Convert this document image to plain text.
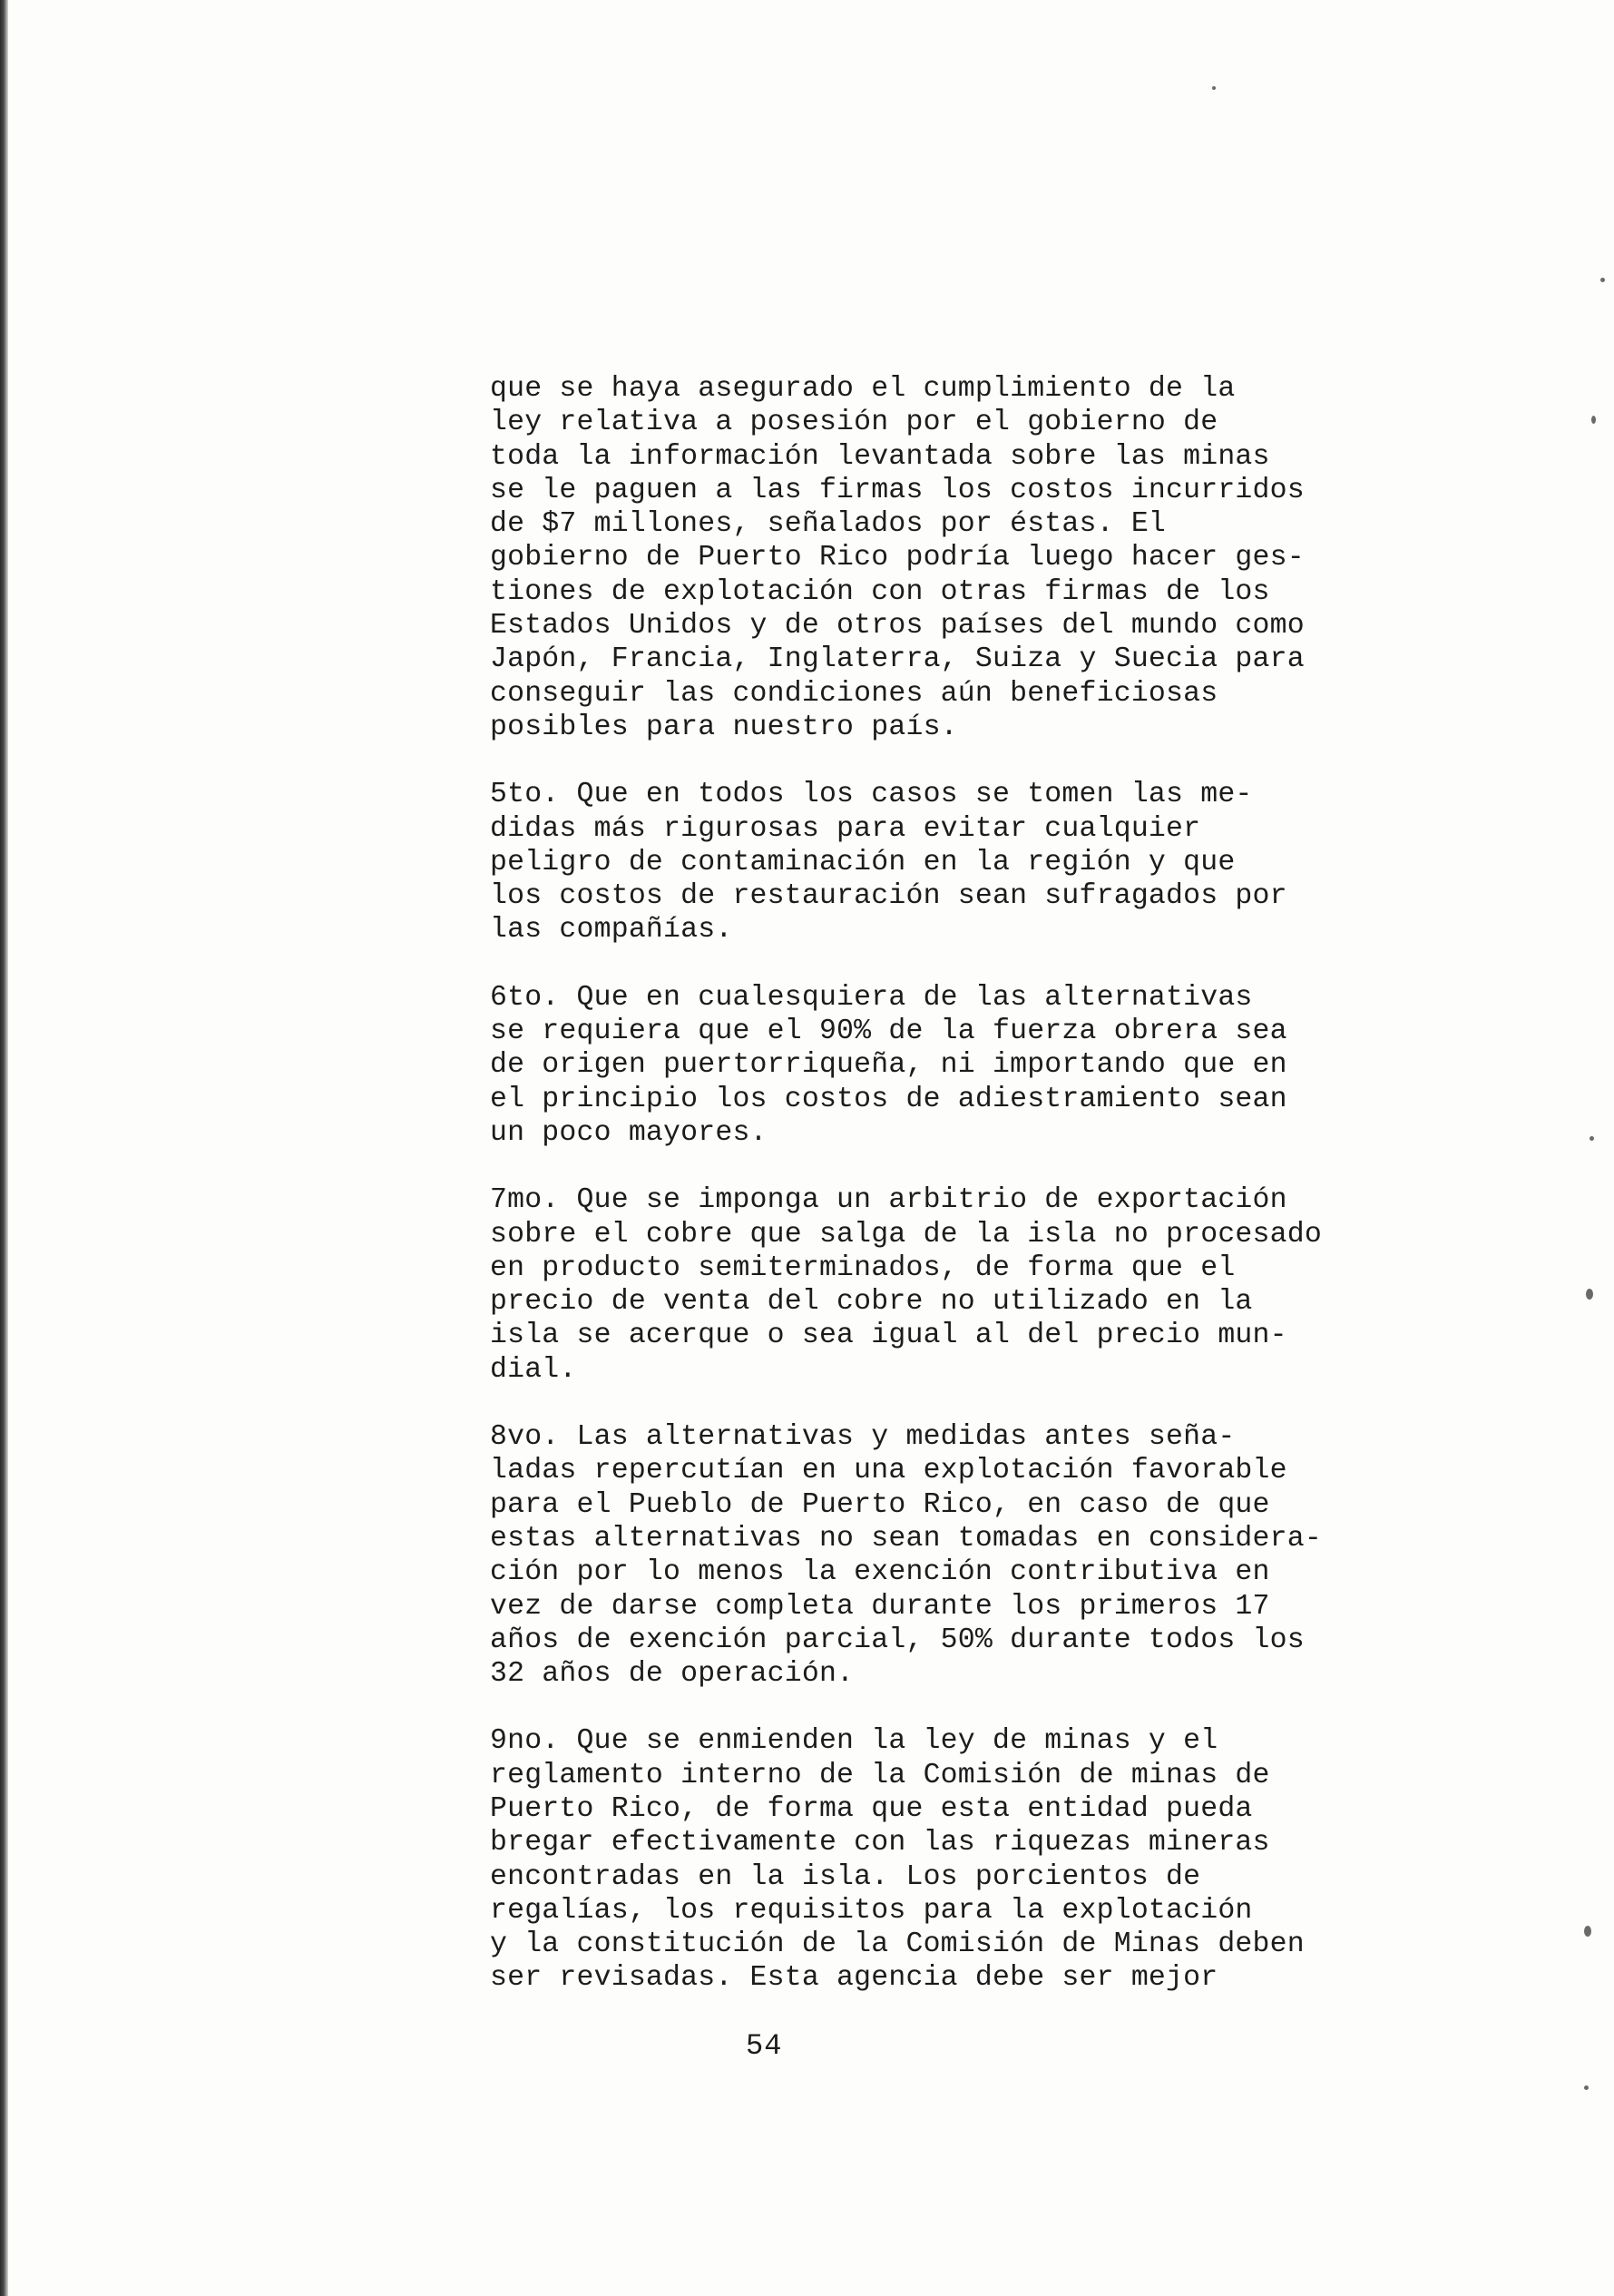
que se haya asegurado el cumplimiento de la
ley relativa a posesión por el gobierno de
toda la información levantada sobre las minas
se le paguen a las firmas los costos incurridos
de $7 millones, señalados por éstas. El
gobierno de Puerto Rico podría luego hacer ges-
tiones de explotación con otras firmas de los
Estados Unidos y de otros países del mundo como
Japón, Francia, Inglaterra, Suiza y Suecia para
conseguir las condiciones aún beneficiosas
posibles para nuestro país.
5to. Que en todos los casos se tomen las me-
didas más rigurosas para evitar cualquier
peligro de contaminación en la región y que
los costos de restauración sean sufragados por
las compañías.
6to. Que en cualesquiera de las alternativas
se requiera que el 90% de la fuerza obrera sea
de origen puertorriqueña, ni importando que en
el principio los costos de adiestramiento sean
un poco mayores.
7mo. Que se imponga un arbitrio de exportación
sobre el cobre que salga de la isla no procesado
en producto semiterminados, de forma que el
precio de venta del cobre no utilizado en la
isla se acerque o sea igual al del precio mun-
dial.
8vo. Las alternativas y medidas antes seña-
ladas repercutían en una explotación favorable
para el Pueblo de Puerto Rico, en caso de que
estas alternativas no sean tomadas en considera-
ción por lo menos la exención contributiva en
vez de darse completa durante los primeros 17
años de exención parcial, 50% durante todos los
32 años de operación.
9no. Que se enmienden la ley de minas y el
reglamento interno de la Comisión de minas de
Puerto Rico, de forma que esta entidad pueda
bregar efectivamente con las riquezas mineras
encontradas en la isla. Los porcientos de
regalías, los requisitos para la explotación
y la constitución de la Comisión de Minas deben
ser revisadas. Esta agencia debe ser mejor
54
